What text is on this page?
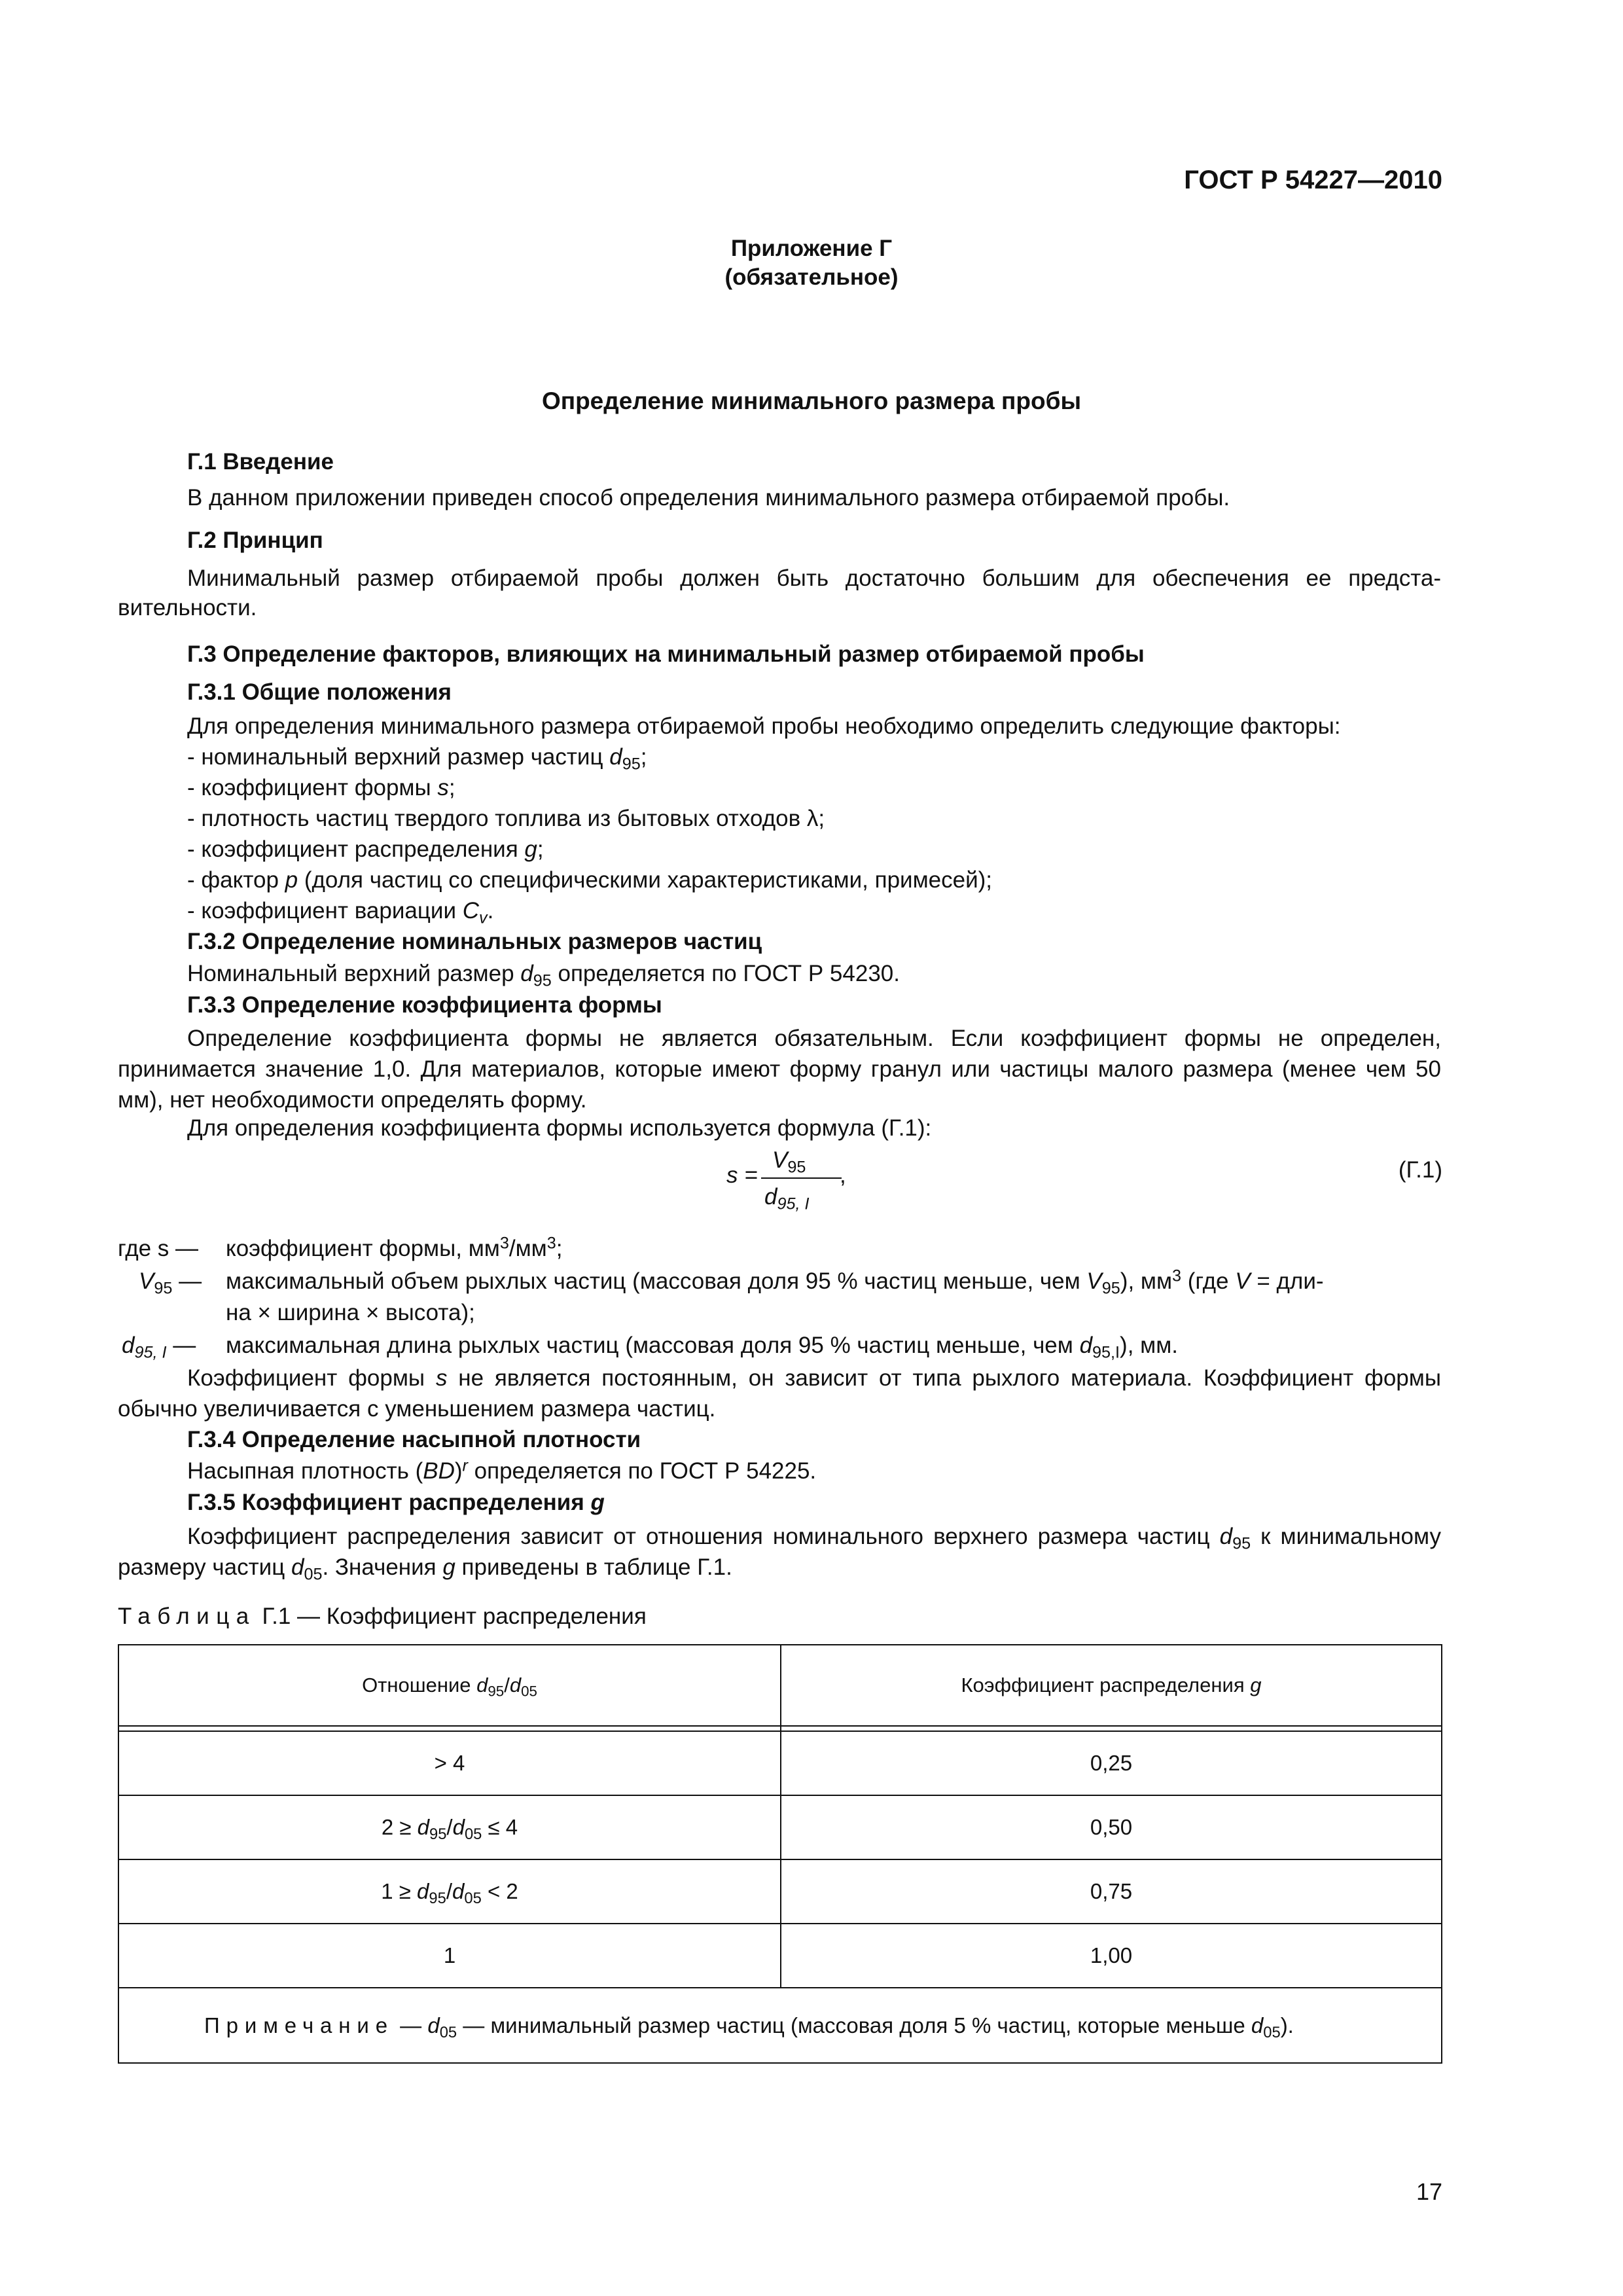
ГОСТ Р 54227—2010
Приложение Г
(обязательное)
Определение минимального размера пробы
Г.1 Введение
В данном приложении приведен способ определения минимального размера отбираемой пробы.
Г.2 Принцип
Минимальный размер отбираемой пробы должен быть достаточно большим для обеспечения ее предста-вительности.
Г.3 Определение факторов, влияющих на минимальный размер отбираемой пробы
Г.3.1 Общие положения
Для определения минимального размера отбираемой пробы необходимо определить следующие факторы:
- номинальный верхний размер частиц $d_{95}$;
- коэффициент формы s;
- плотность частиц твердого топлива из бытовых отходов λ;
- коэффициент распределения g;
- фактор p (доля частиц со специфическими характеристиками, примесей);
- коэффициент вариации $C_v$.
Г.3.2 Определение номинальных размеров частиц
Номинальный верхний размер $d_{95}$ определяется по ГОСТ Р 54230.
Г.3.3 Определение коэффициента формы
Определение коэффициента формы не является обязательным. Если коэффициент формы не определен, принимается значение 1,0. Для материалов, которые имеют форму гранул или частицы малого размера (менее чем 50 мм), нет необходимости определять форму.
Для определения коэффициента формы используется формула (Г.1):
s =
$V_{95}$
$d_{95, I}$
,	(Г.1)
где s — коэффициент формы, $мм^3/мм^3$;
$V_{95}$ — максимальный объем рыхлых частиц (массовая доля 95 % частиц меньше, чем $V_{95}$), $мм^3$ (где V = дли-
на × ширина × высота);
$d_{95, I}$ — максимальная длина рыхлых частиц (массовая доля 95 % частиц меньше, чем $d_{95,I}$), мм.
Коэффициент формы s не является постоянным, он зависит от типа рыхлого материала. Коэффициент формы обычно увеличивается с уменьшением размера частиц.
Г.3.4 Определение насыпной плотности
Насыпная плотность (BD)$^r$ определяется по ГОСТ Р 54225.
Г.3.5 Коэффициент распределения g
Коэффициент распределения зависит от отношения номинального верхнего размера частиц $d_{95}$ к минимальному размеру частиц $d_{05}$. Значения g приведены в таблице Г.1.
Таблица Г.1 — Коэффициент распределения
Отношение $d_{95}/d_{05}$	Коэффициент распределения g

> 4	0,25
$2 \ge d_{95}/d_{05} \le 4$	0,50
$1 \ge d_{95}/d_{05} < 2$	0,75
1	1,00
Примечание — $d_{05}$ — минимальный размер частиц (массовая доля 5 % частиц, которые меньше $d_{05}$).	
17
